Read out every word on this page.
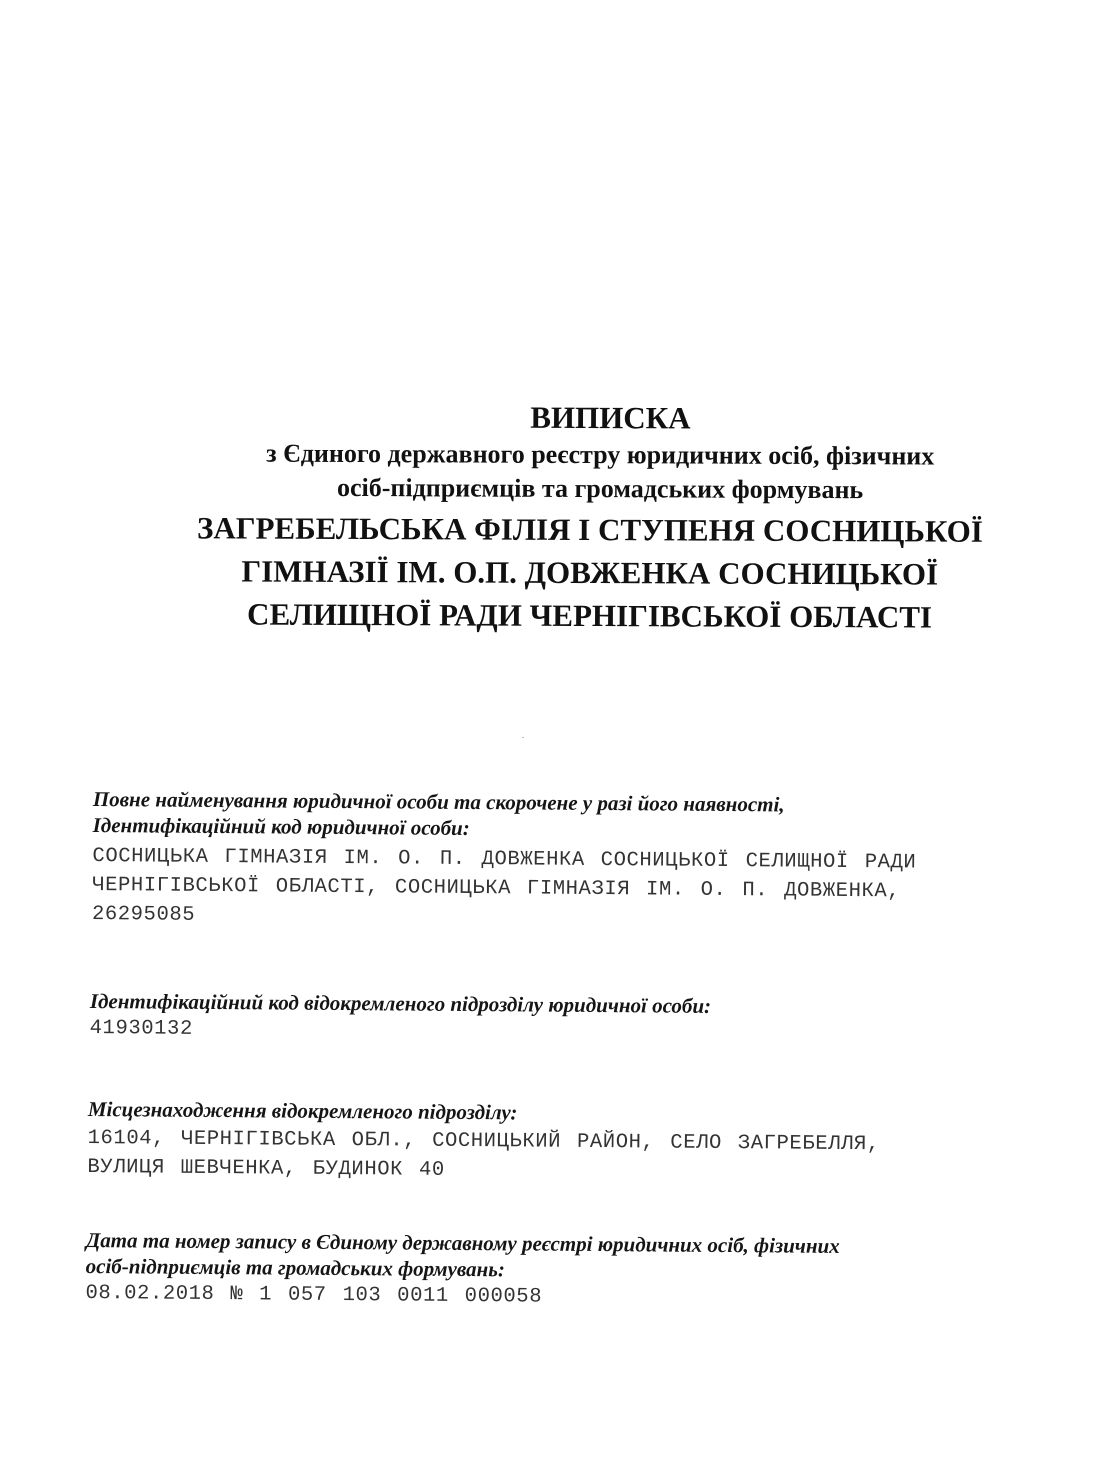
ВИПИСКА
з Єдиного державного реєстру юридичних осіб, фізичних
осіб-підприємців та громадських формувань
ЗАГРЕБЕЛЬСЬКА ФІЛІЯ І СТУПЕНЯ СОСНИЦЬКОЇ
ГІМНАЗІЇ ІМ. О.П. ДОВЖЕНКА СОСНИЦЬКОЇ
СЕЛИЩНОЇ РАДИ ЧЕРНІГІВСЬКОЇ ОБЛАСТІ
Повне найменування юридичної особи та скорочене у разі його наявності,
Ідентифікаційний код юридичної особи:
СОСНИЦЬКА ГІМНАЗІЯ ІМ. О. П. ДОВЖЕНКА СОСНИЦЬКОЇ СЕЛИЩНОЇ РАДИ
ЧЕРНІГІВСЬКОЇ ОБЛАСТІ, СОСНИЦЬКА ГІМНАЗІЯ ІМ. О. П. ДОВЖЕНКА,
26295085
Ідентифікаційний код відокремленого підрозділу юридичної особи:
41930132
Місцезнаходження відокремленого підрозділу:
16104, ЧЕРНІГІВСЬКА ОБЛ., СОСНИЦЬКИЙ РАЙОН, СЕЛО ЗАГРЕБЕЛЛЯ,
ВУЛИЦЯ ШЕВЧЕНКА, БУДИНОК 40
Дата та номер запису в Єдиному державному реєстрі юридичних осіб, фізичних
осіб-підприємців та громадських формувань:
08.02.2018 № 1 057 103 0011 000058
